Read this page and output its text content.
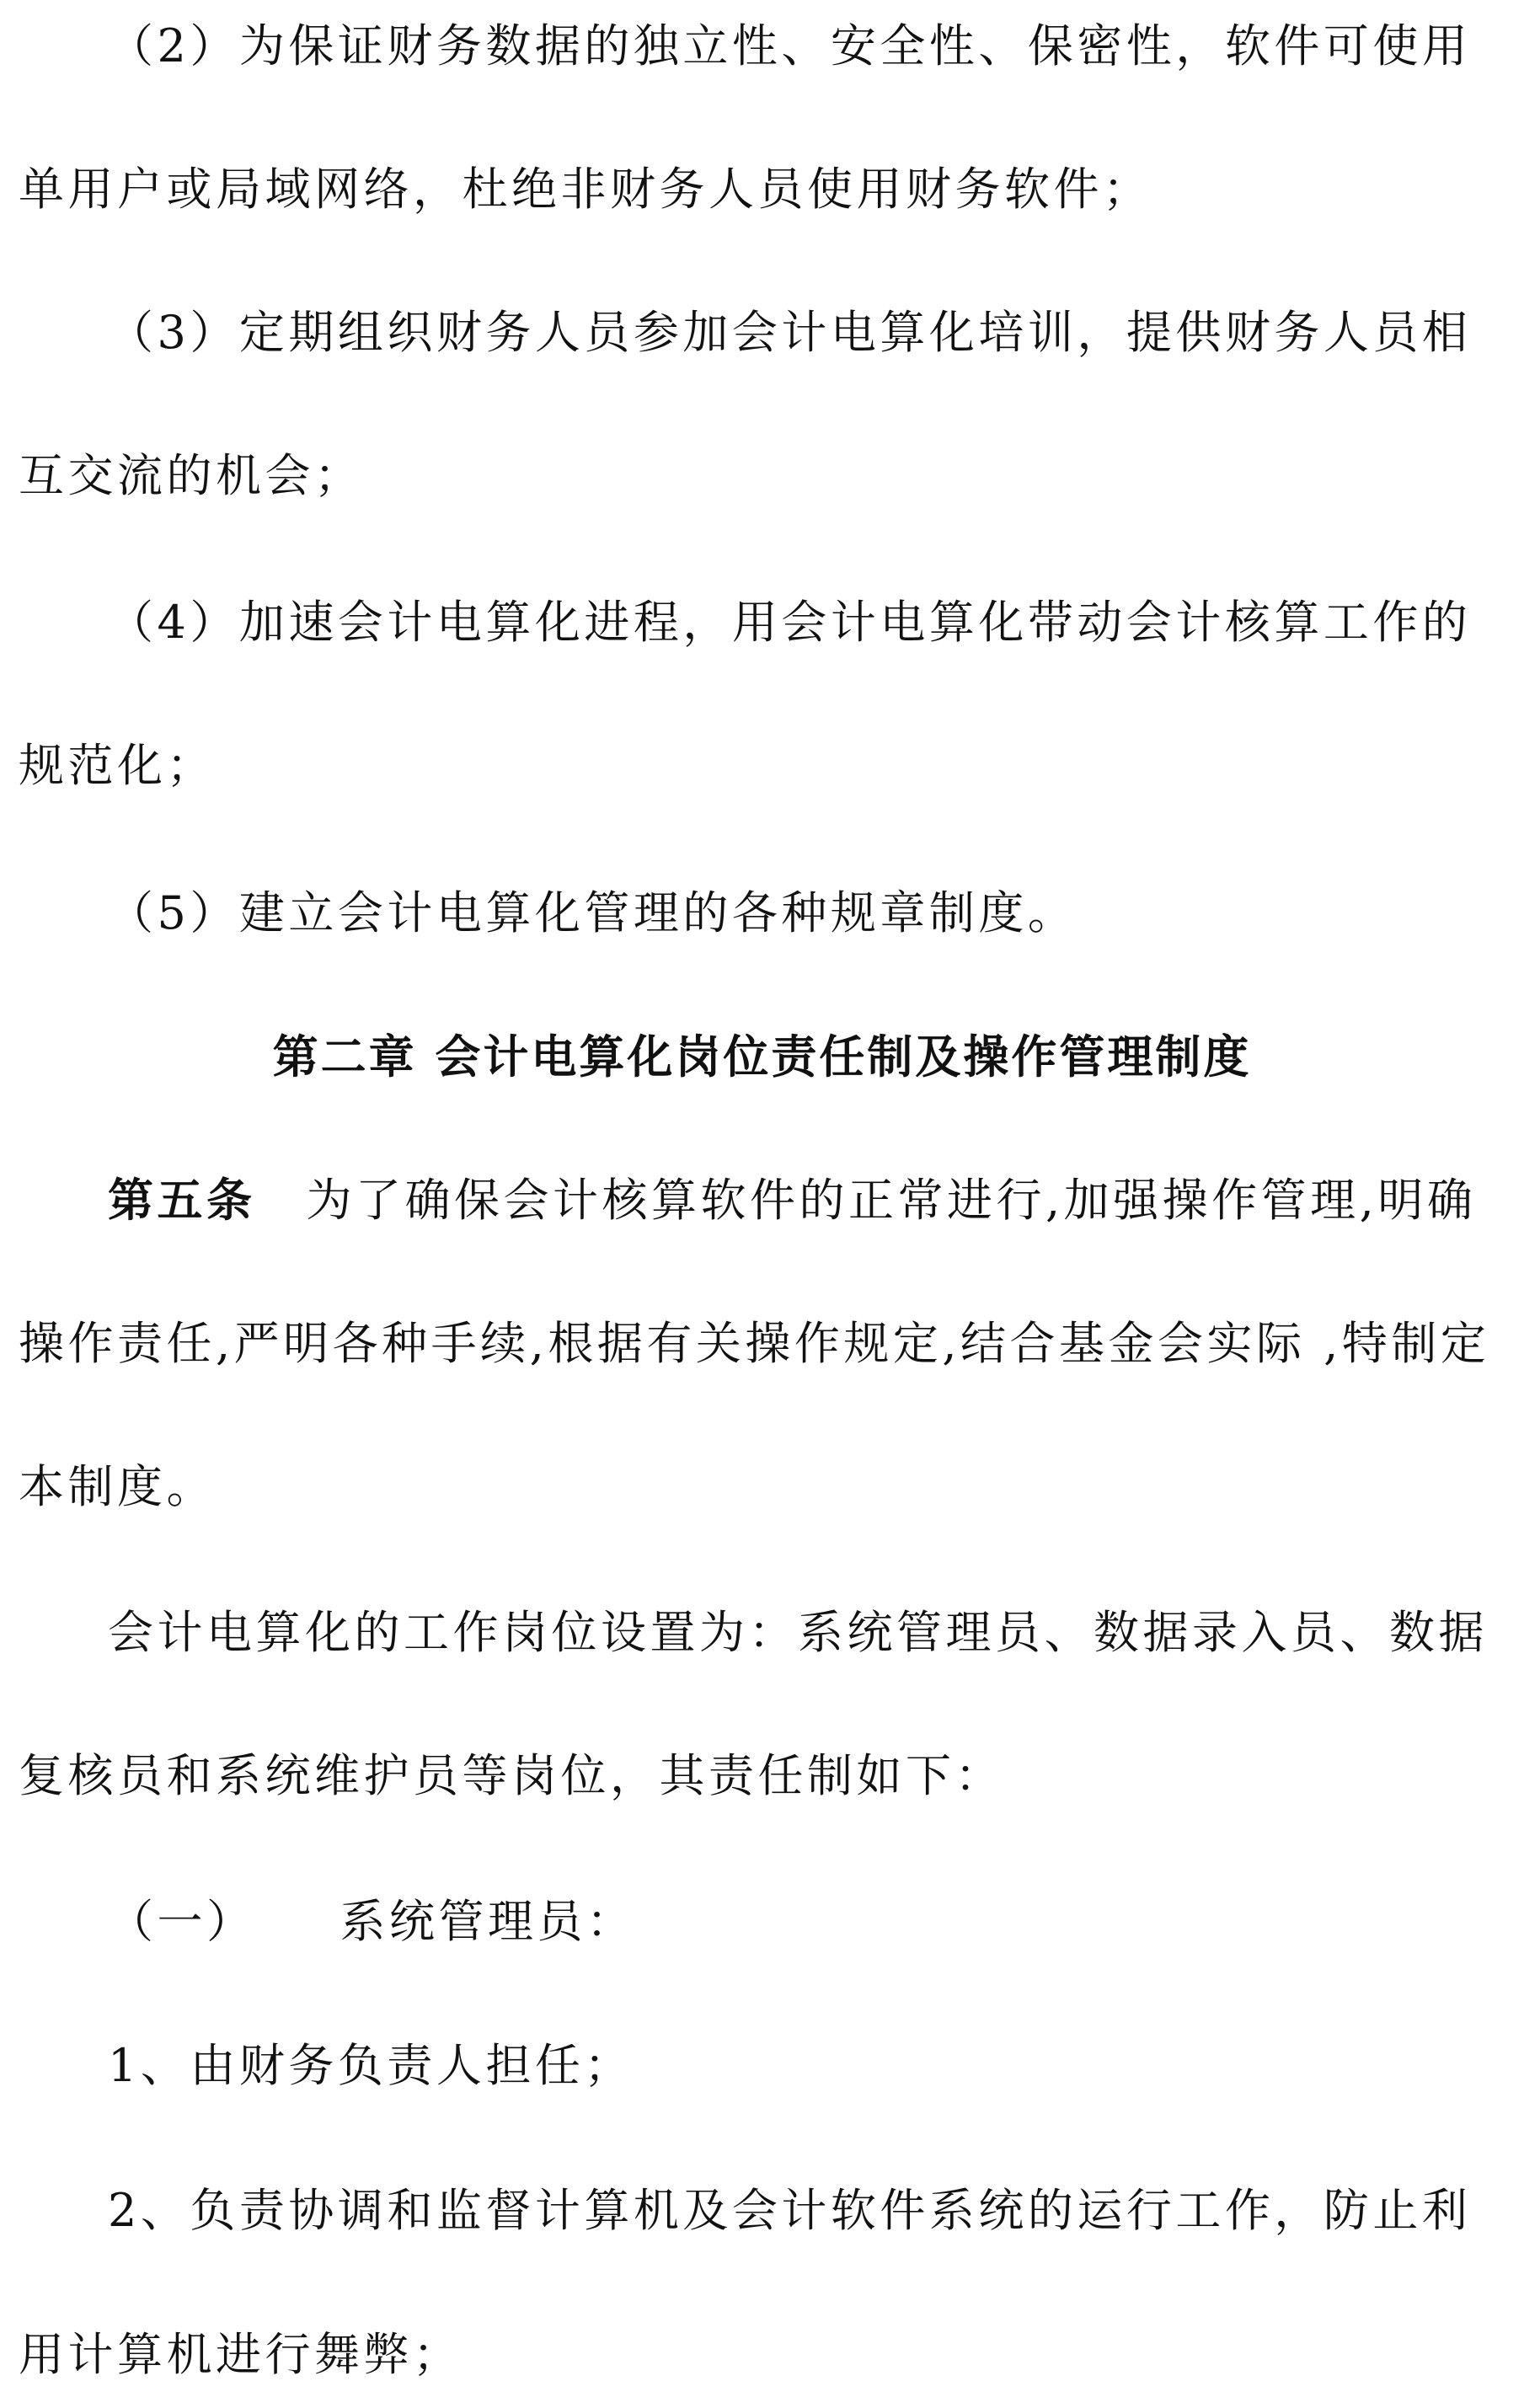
（2）为保证财务数据的独立性、安全性、保密性，软件可使用
单用户或局域网络，杜绝非财务人员使用财务软件；
（3）定期组织财务人员参加会计电算化培训，提供财务人员相
互交流的机会；
（4）加速会计电算化进程，用会计电算化带动会计核算工作的
规范化；
（5）建立会计电算化管理的各种规章制度。
第二章 会计电算化岗位责任制及操作管理制度
第五条 为了确保会计核算软件的正常进行,加强操作管理,明确
操作责任,严明各种手续,根据有关操作规定,结合基金会实际 ,特制定
本制度。
会计电算化的工作岗位设置为：系统管理员、数据录入员、数据
复核员和系统维护员等岗位，其责任制如下：
（一） 系统管理员：
1、由财务负责人担任；
2、负责协调和监督计算机及会计软件系统的运行工作，防止利
用计算机进行舞弊；
